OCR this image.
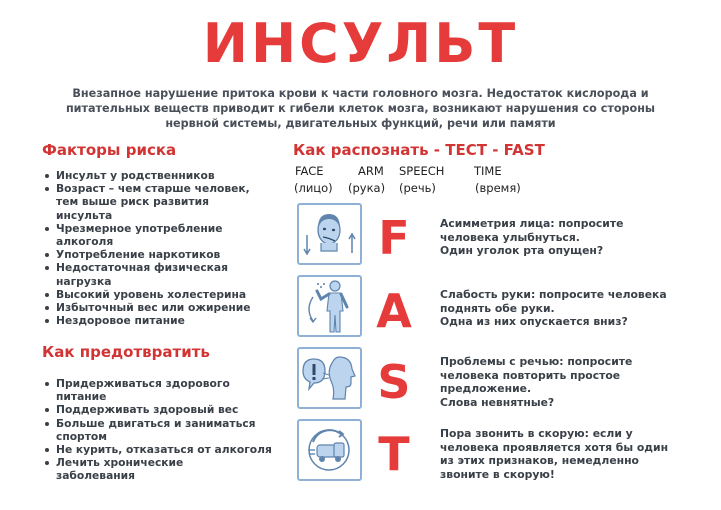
ИНСУЛЬТ
Внезапное нарушение притока крови к части головного мозга. Недостаток кислорода и
питательных веществ приводит к гибели клеток мозга, возникают нарушения со стороны
нервной системы, двигательных функций, речи или памяти
Факторы риска
Инсульт у родственников
Возраст – чем старше человек,
тем выше риск развития
инсульта
Чрезмерное употребление
алкоголя
Употребление наркотиков
Недостаточная физическая
нагрузка
Высокий уровень холестерина
Избыточный вес или ожирение
Нездоровое питание
Как предотвратить
Придерживаться здорового
питание
Поддерживать здоровый вес
Больше двигаться и заниматься
спортом
Не курить, отказаться от алкоголя
Лечить хронические
заболевания
Как распознать - ТЕСТ - FAST
FACE
(лицо)
ARM
(рука)
SPEECH
(речь)
TIME
(время)
F
A
S
T
Асимметрия лица: попросите
человека улыбнуться.
Один уголок рта опущен?
Слабость руки: попросите человека
поднять обе руки.
Одна из них опускается вниз?
Проблемы с речью: попросите
человека повторить простое
предложение.
Слова невнятные?
Пора звонить в скорую: если у
человека проявляется хотя бы один
из этих признаков, немедленно
звоните в скорую!
